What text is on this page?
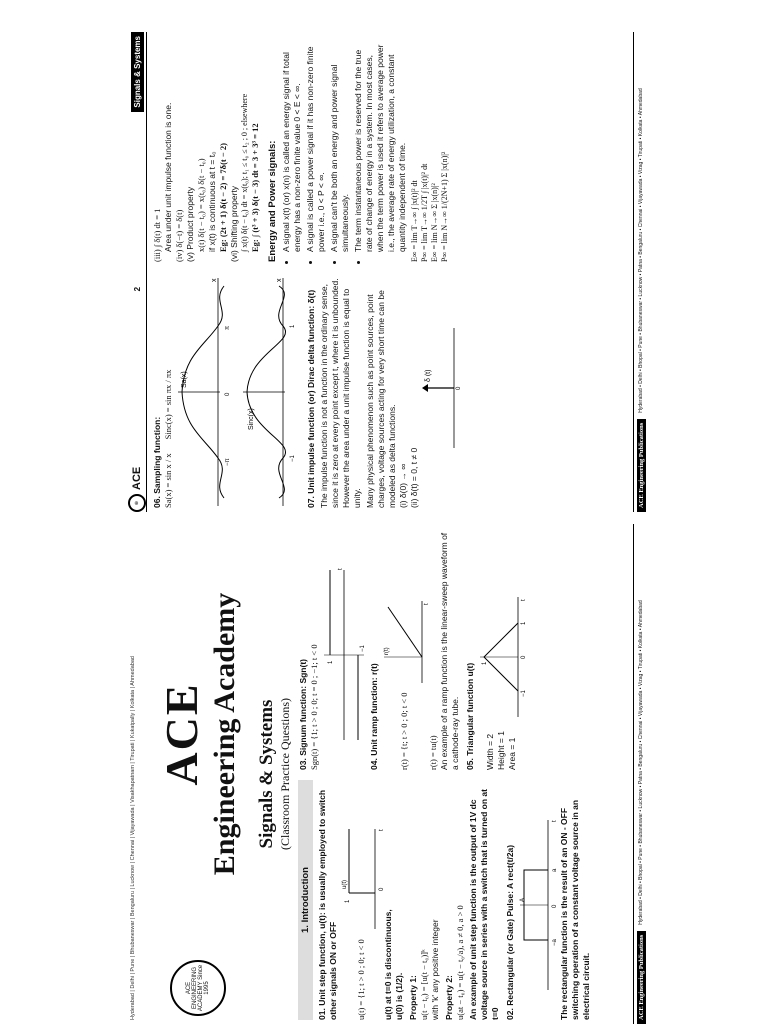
⊕
ACE
2
Signals & Systems
06. Sampling function: Sa(x) = sin x / x
Sinc(x) = sin πx / πx Sa(x)
−π
π
0
x

Sinc(x)
−1
1
x
07. Unit impulse function (or) Dirac delta function: δ(t) The impulse function is not a function in the ordinary sense, since it is zero at every point except t, where it is unbounded. However the area under a unit impulse function is equal to unity. Many physical phenomenon such as point sources, point charges, voltage sources acting for very short time can be modeled as delta functions. (i) δ(0) → ∞ (ii) δ(t) = 0, t ≠ 0
δ (t)
0
(iii) ∫ δ(t) dt = 1 Area under unit impulse function is one. (iv) δ(−t) = δ(t) (v) Product property x(t) δ(t − t₀) = x(t₀) δ(t − t₀) if x(t) is continuous at t = t₀ Eg: (2t + 1) δ(t − 2) = 7δ(t − 2) (vi) Shifting property ∫ x(t) δ(t − t₀) dt = x(t₀); t₁ ≤ t₀ ≤ t₂ ; 0 ; elsewhere Eg: ∫ (t³ + 3) δ(t − 3) dt = 3 + 3³ = 12 Energy and Power signals: • A signal x(t) (or) x(n) is called an energy signal if total energy has a non-zero finite value 0 < E < ∞. • A signal is called a power signal if it has non-zero finite power i.e., 0 < P < ∞. • A signal can't be both an energy and power signal simultaneously. • The term instantaneous power is reserved for the true rate of change of energy in a system. In most cases, when the term power is used it refers to average power i.e., the average rate of energy utilization, a constant quantity independent of time. E∞ = lim T→∞ ∫ |x(t)|² dt P∞ = lim T→∞ 1/2T ∫ |x(t)|² dt E∞ = lim N→∞ Σ |x(n)|² P∞ = lim N→∞ 1/(2N+1) Σ |x(n)|²
ACE Engineering Publications
Hyderabad • Delhi • Bhopal • Pune • Bhubaneswar • Lucknow • Patna • Bengaluru • Chennai • Vijayawada • Vizag • Tirupati • Kolkata • Ahmedabad
Hyderabad | Delhi | Pune | Bhubaneswar | Bengaluru | Lucknow | Chennai | Vijayawada | Visakhapatnam | Tirupati | Kukatpally | Kolkata | Ahmedabad	ACE ENGINEERING ACADEMY Since 1995
ACE Engineering Academy Signals & Systems (Classroom Practice Questions)
1. Introduction
01. Unit step function, u(t): is usually employed to switch other signals ON or OFF u(t) = {1; t > 0 ; 0; t < 0
1
0
t
u(t)
u(t) at t=0 is discontinuous, u(0) is (1/2). Property 1: u(t − t₀) = [u(t − t₀)]ᵏ with 'k' any positive integer Property 2: u(at − t₀) = u(t − t₀/a), a ≠ 0, a > 0 An example of unit step function is the output of 1V dc voltage source in series with a switch that is turned on at t=0 02. Rectangular (or Gate) Pulse: A rect(t/2a) A
−a
0
a
t The rectangular function is the result of an ON - OFF switching operation of a constant voltage source in an electrical circuit.
03. Signum function: Sgn(t) Sgn(t) = {1; t > 0 ; 0; t = 0 ; −1; t < 0 1
−1
t
04. Unit ramp function: r(t) r(t) = {t; t > 0 ; 0; t < 0
r(t)
t
r(t) = tu(t) An example of a ramp function is the linear-sweep waveform of a cathode-ray tube. 05. Triangular function u(t) Width = 2 Height = 1 Area = 1
1
−1
0
1
t
ACE Engineering Publications
Hyderabad • Delhi • Bhopal • Pune • Bhubaneswar • Lucknow • Patna • Bengaluru • Chennai • Vijayawada • Vizag • Tirupati • Kolkata • Ahmedabad
